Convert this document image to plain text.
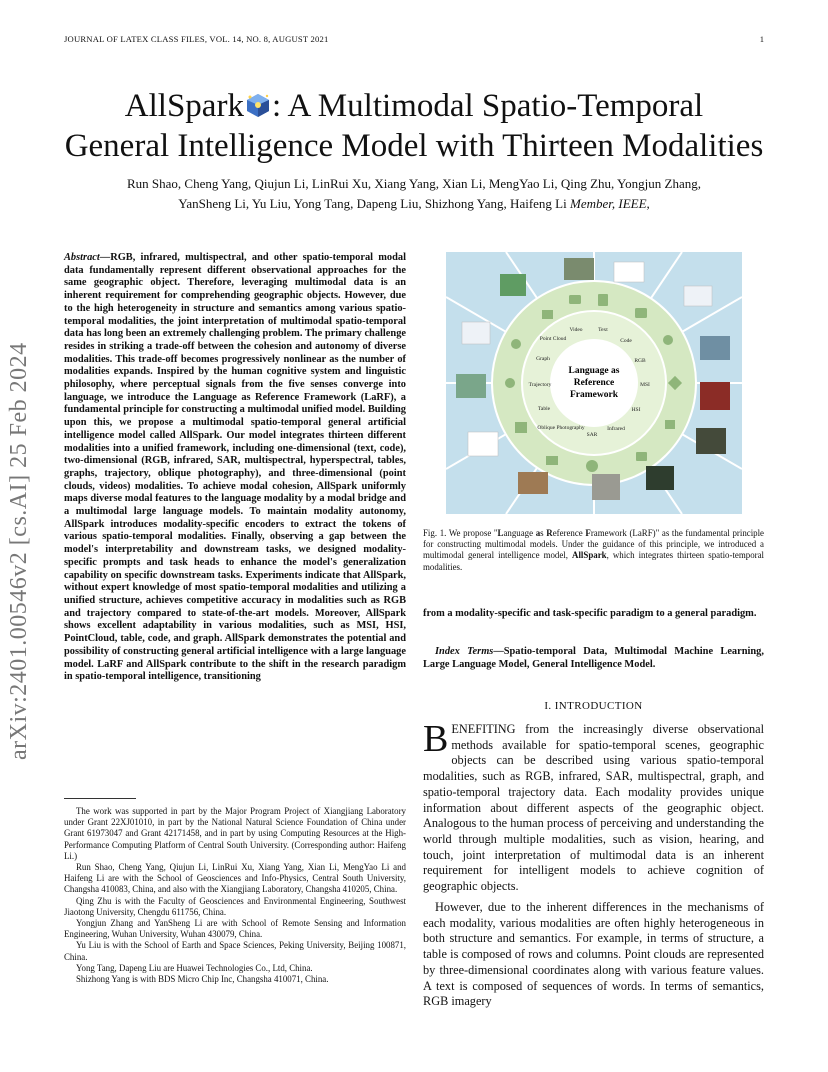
JOURNAL OF LATEX CLASS FILES, VOL. 14, NO. 8, AUGUST 2021	1
AllSpark : A Multimodal Spatio-Temporal
General Intelligence Model with Thirteen Modalities
Run Shao, Cheng Yang, Qiujun Li, LinRui Xu, Xiang Yang, Xian Li, MengYao Li, Qing Zhu, Yongjun Zhang,
YanSheng Li, Yu Liu, Yong Tang, Dapeng Liu, Shizhong Yang, Haifeng Li Member, IEEE,
arXiv:2401.00546v2 [cs.AI] 25 Feb 2024
Abstract—RGB, infrared, multispectral, and other spatio-temporal modal data fundamentally represent different observational approaches for the same geographic object. Therefore, leveraging multimodal data is an inherent requirement for comprehending geographic objects. However, due to the high heterogeneity in structure and semantics among various spatio-temporal modalities, the joint interpretation of multimodal spatio-temporal data has long been an extremely challenging problem. The primary challenge resides in striking a trade-off between the cohesion and autonomy of diverse modalities. This trade-off becomes progressively nonlinear as the number of modalities expands. Inspired by the human cognitive system and linguistic philosophy, where perceptual signals from the five senses converge into language, we introduce the Language as Reference Framework (LaRF), a fundamental principle for constructing a multimodal unified model. Building upon this, we propose a multimodal spatio-temporal general artificial intelligence model called AllSpark. Our model integrates thirteen different modalities into a unified framework, including one-dimensional (text, code), two-dimensional (RGB, infrared, SAR, multispectral, hyperspectral, tables, graphs, trajectory, oblique photography), and three-dimensional (point clouds, videos) modalities. To achieve modal cohesion, AllSpark uniformly maps diverse modal features to the language modality by a modal bridge and a multimodal large language models. To maintain modality autonomy, AllSpark introduces modality-specific encoders to extract the tokens of various spatio-temporal modalities. Finally, observing a gap between the model's interpretability and downstream tasks, we designed modality-specific prompts and task heads to enhance the model's generalization capability on specific downstream tasks. Experiments indicate that AllSpark, without expert knowledge of most spatio-temporal modalities and utilizing a unified structure, achieves competitive accuracy in modalities such as RGB and trajectory compared to state-of-the-art models. Moreover, AllSpark shows excellent adaptability in various modalities, such as MSI, HSI, PointCloud, table, code, and graph. AllSpark demonstrates the potential and possibility of constructing general artificial intelligence with a large language model. LaRF and AllSpark contribute to the shift in the research paradigm in spatio-temporal intelligence, transitioning

The work was supported in part by the Major Program Project of Xiangjiang Laboratory under Grant 22XJ01010, in part by the National Natural Science Foundation of China under Grant 61973047 and Grant 42171458, and in part by using Computing Resources at the High-Performance Computing Platform of Central South University. (Corresponding author: Haifeng Li.)

Run Shao, Cheng Yang, Qiujun Li, LinRui Xu, Xiang Yang, Xian Li, MengYao Li and Haifeng Li are with the School of Geosciences and Info-Physics, Central South University, Changsha 410083, China, and also with the Xiangjiang Laboratory, Changsha 410205, China.

Qing Zhu is with the Faculty of Geosciences and Environmental Engineering, Southwest Jiaotong University, Chengdu 611756, China.

Yongjun Zhang and YanSheng Li are with School of Remote Sensing and Information Engineering, Wuhan University, Wuhan 430079, China.

Yu Liu is with the School of Earth and Space Sciences, Peking University, Beijing 100871, China.

Yong Tang, Dapeng Liu are Huawei Technologies Co., Ltd, China.

Shizhong Yang is with BDS Micro Chip Inc, Changsha 410071, China.

Language as
Reference
Framework
Video	Text
Code
RGB
MSI
HSI
Infrared
SAR
Oblique Photography
Table
Trajectory
Graph
Point Cloud
Fig. 1. We propose "Language as Reference Framework (LaRF)" as the fundamental principle for constructing multimodal models. Under the guidance of this principle, we introduced a multimodal general intelligence model, AllSpark, which integrates thirteen spatio-temporal modalities.
from a modality-specific and task-specific paradigm to a general paradigm.
Index Terms—Spatio-temporal Data, Multimodal Machine Learning, Large Language Model, General Intelligence Model.
I. INTRODUCTION
BENEFITING from the increasingly diverse observational methods available for spatio-temporal scenes, geographic objects can be described using various spatio-temporal modalities, such as RGB, infrared, SAR, multispectral, graph, and spatio-temporal trajectory data. Each modality provides unique information about different aspects of the geographic object. Analogous to the human process of perceiving and understanding the world through multiple modalities, such as vision, hearing, and touch, joint interpretation of multimodal data is an inherent requirement for intelligent models to achieve cognition of geographic objects.
However, due to the inherent differences in the mechanisms of each modality, various modalities are often highly heterogeneous in both structure and semantics. For example, in terms of structure, a table is composed of rows and columns. Point clouds are represented by three-dimensional coordinates along with various feature values. A text is composed of sequences of words. In terms of semantics, RGB imagery
